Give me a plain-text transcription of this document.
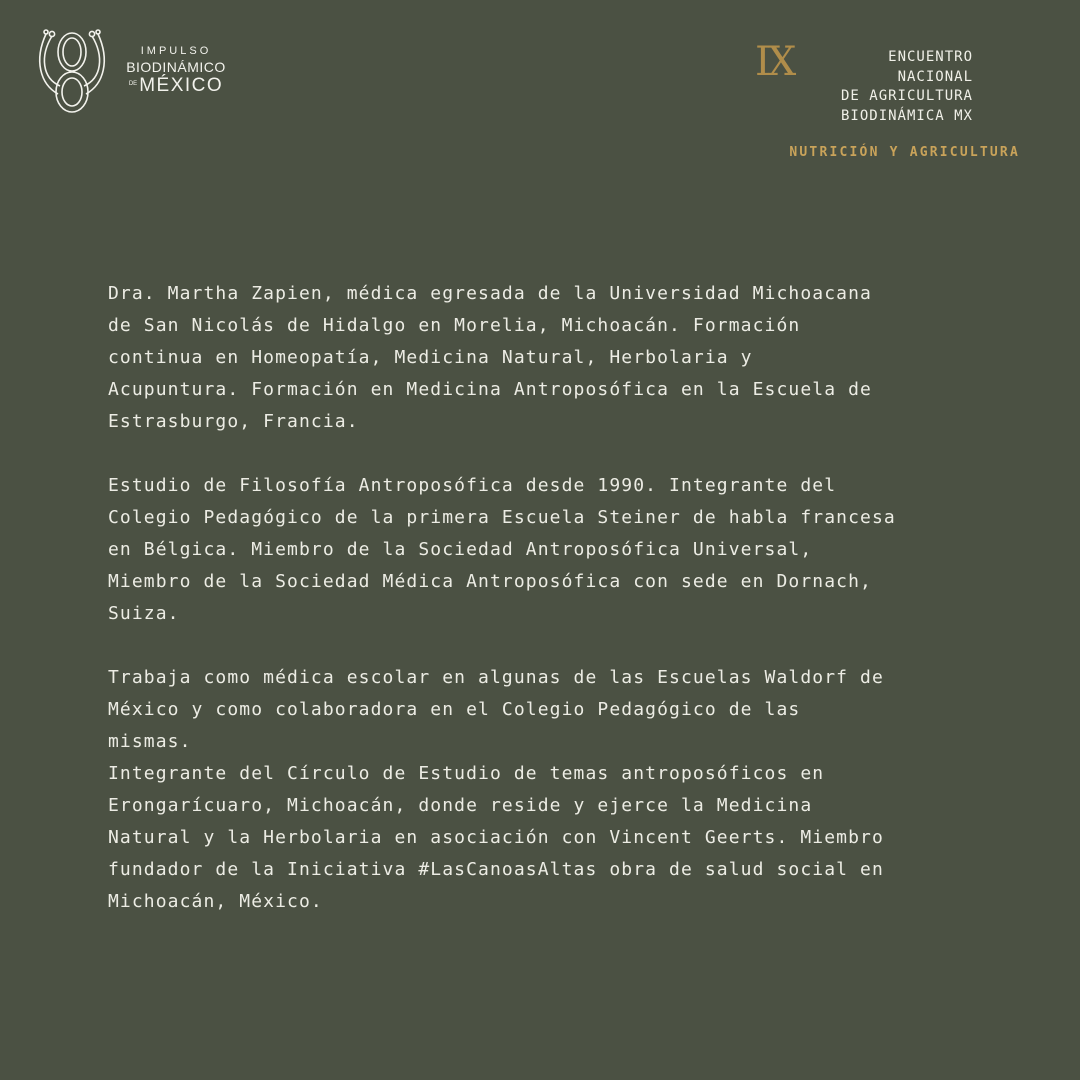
IMPULSO
BIODINÁMICO
$^{DE}$ MÉXICO
IX	ENCUENTRO
NACIONAL
DE AGRICULTURA
BIODINÁMICA MX
NUTRICIÓN Y AGRICULTURA

Dra. Martha Zapien, médica egresada de la Universidad Michoacana
de San Nicolás de Hidalgo en Morelia, Michoacán. Formación
continua en Homeopatía, Medicina Natural, Herbolaria y
Acupuntura. Formación en Medicina Antroposófica en la Escuela de
Estrasburgo, Francia.

Estudio de Filosofía Antroposófica desde 1990. Integrante del
Colegio Pedagógico de la primera Escuela Steiner de habla francesa
en Bélgica. Miembro de la Sociedad Antroposófica Universal,
Miembro de la Sociedad Médica Antroposófica con sede en Dornach,
Suiza.

Trabaja como médica escolar en algunas de las Escuelas Waldorf de
México y como colaboradora en el Colegio Pedagógico de las
mismas.

Integrante del Círculo de Estudio de temas antroposóficos en
Erongarícuaro, Michoacán, donde reside y ejerce la Medicina
Natural y la Herbolaria en asociación con Vincent Geerts. Miembro
fundador de la Iniciativa #LasCanoasAltas obra de salud social en
Michoacán, México.
